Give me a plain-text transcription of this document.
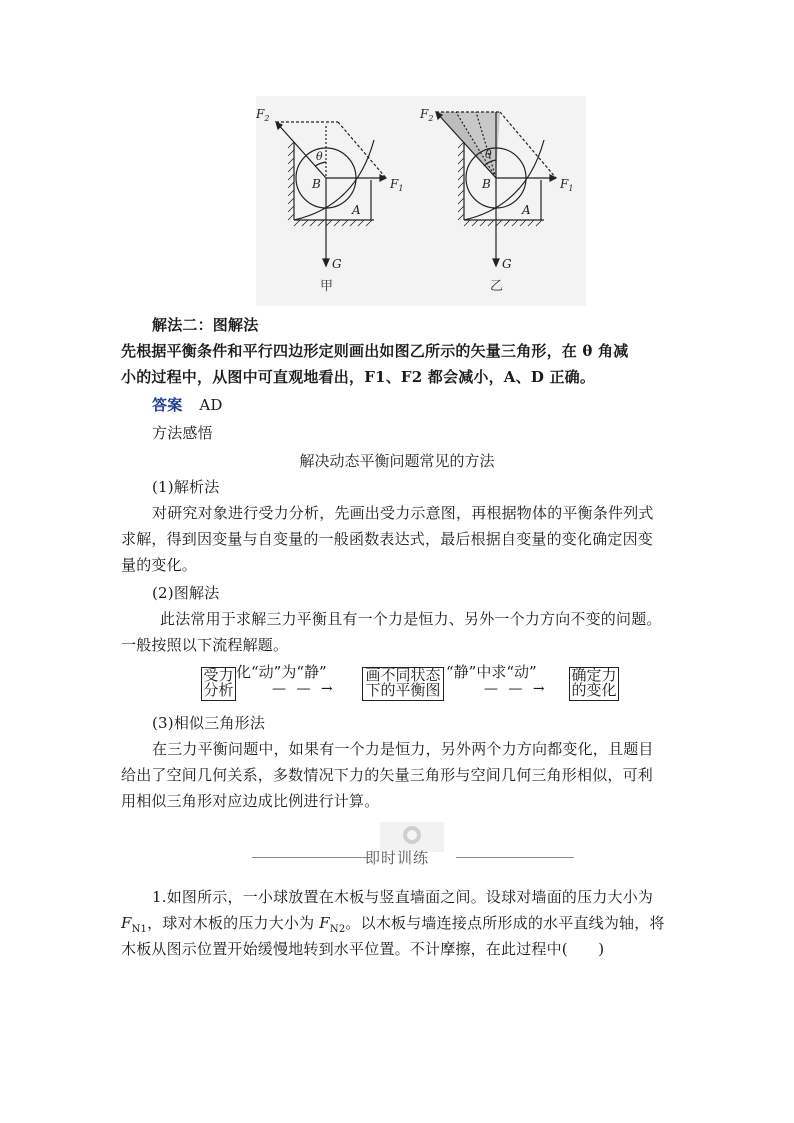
$F_2$
$F_1$
θ
B
A
G
甲
$F_2$
$F_1$
θ
B
A
G
乙
解法二：图解法
先根据平衡条件和平行四边形定则画出如图乙所示的矢量三角形，在 θ 角减
小的过程中，从图中可直观地看出，F1、F2 都会减小，A、D 正确。
答案 AD
方法感悟
解决动态平衡问题常见的方法
(1)解析法
对研究对象进行受力分析，先画出受力示意图，再根据物体的平衡条件列式
求解，得到因变量与自变量的一般函数表达式，最后根据自变量的变化确定因变
量的变化。
(2)图解法
此法常用于求解三力平衡且有一个力是恒力、另外一个力方向不变的问题。
一般按照以下流程解题。
受力
分析
化“动”为“静”
— — →
画不同状态
下的平衡图
“静”中求“动”
— — →
确定力
的变化
(3)相似三角形法
在三力平衡问题中，如果有一个力是恒力，另外两个力方向都变化，且题目
给出了空间几何关系，多数情况下力的矢量三角形与空间几何三角形相似，可利
用相似三角形对应边成比例进行计算。
即时训练
1.如图所示，一小球放置在木板与竖直墙面之间。设球对墙面的压力大小为
$F_{N1}$，球对木板的压力大小为 $F_{N2}$。以木板与墙连接点所形成的水平直线为轴，将
木板从图示位置开始缓慢地转到水平位置。不计摩擦，在此过程中(　　)
